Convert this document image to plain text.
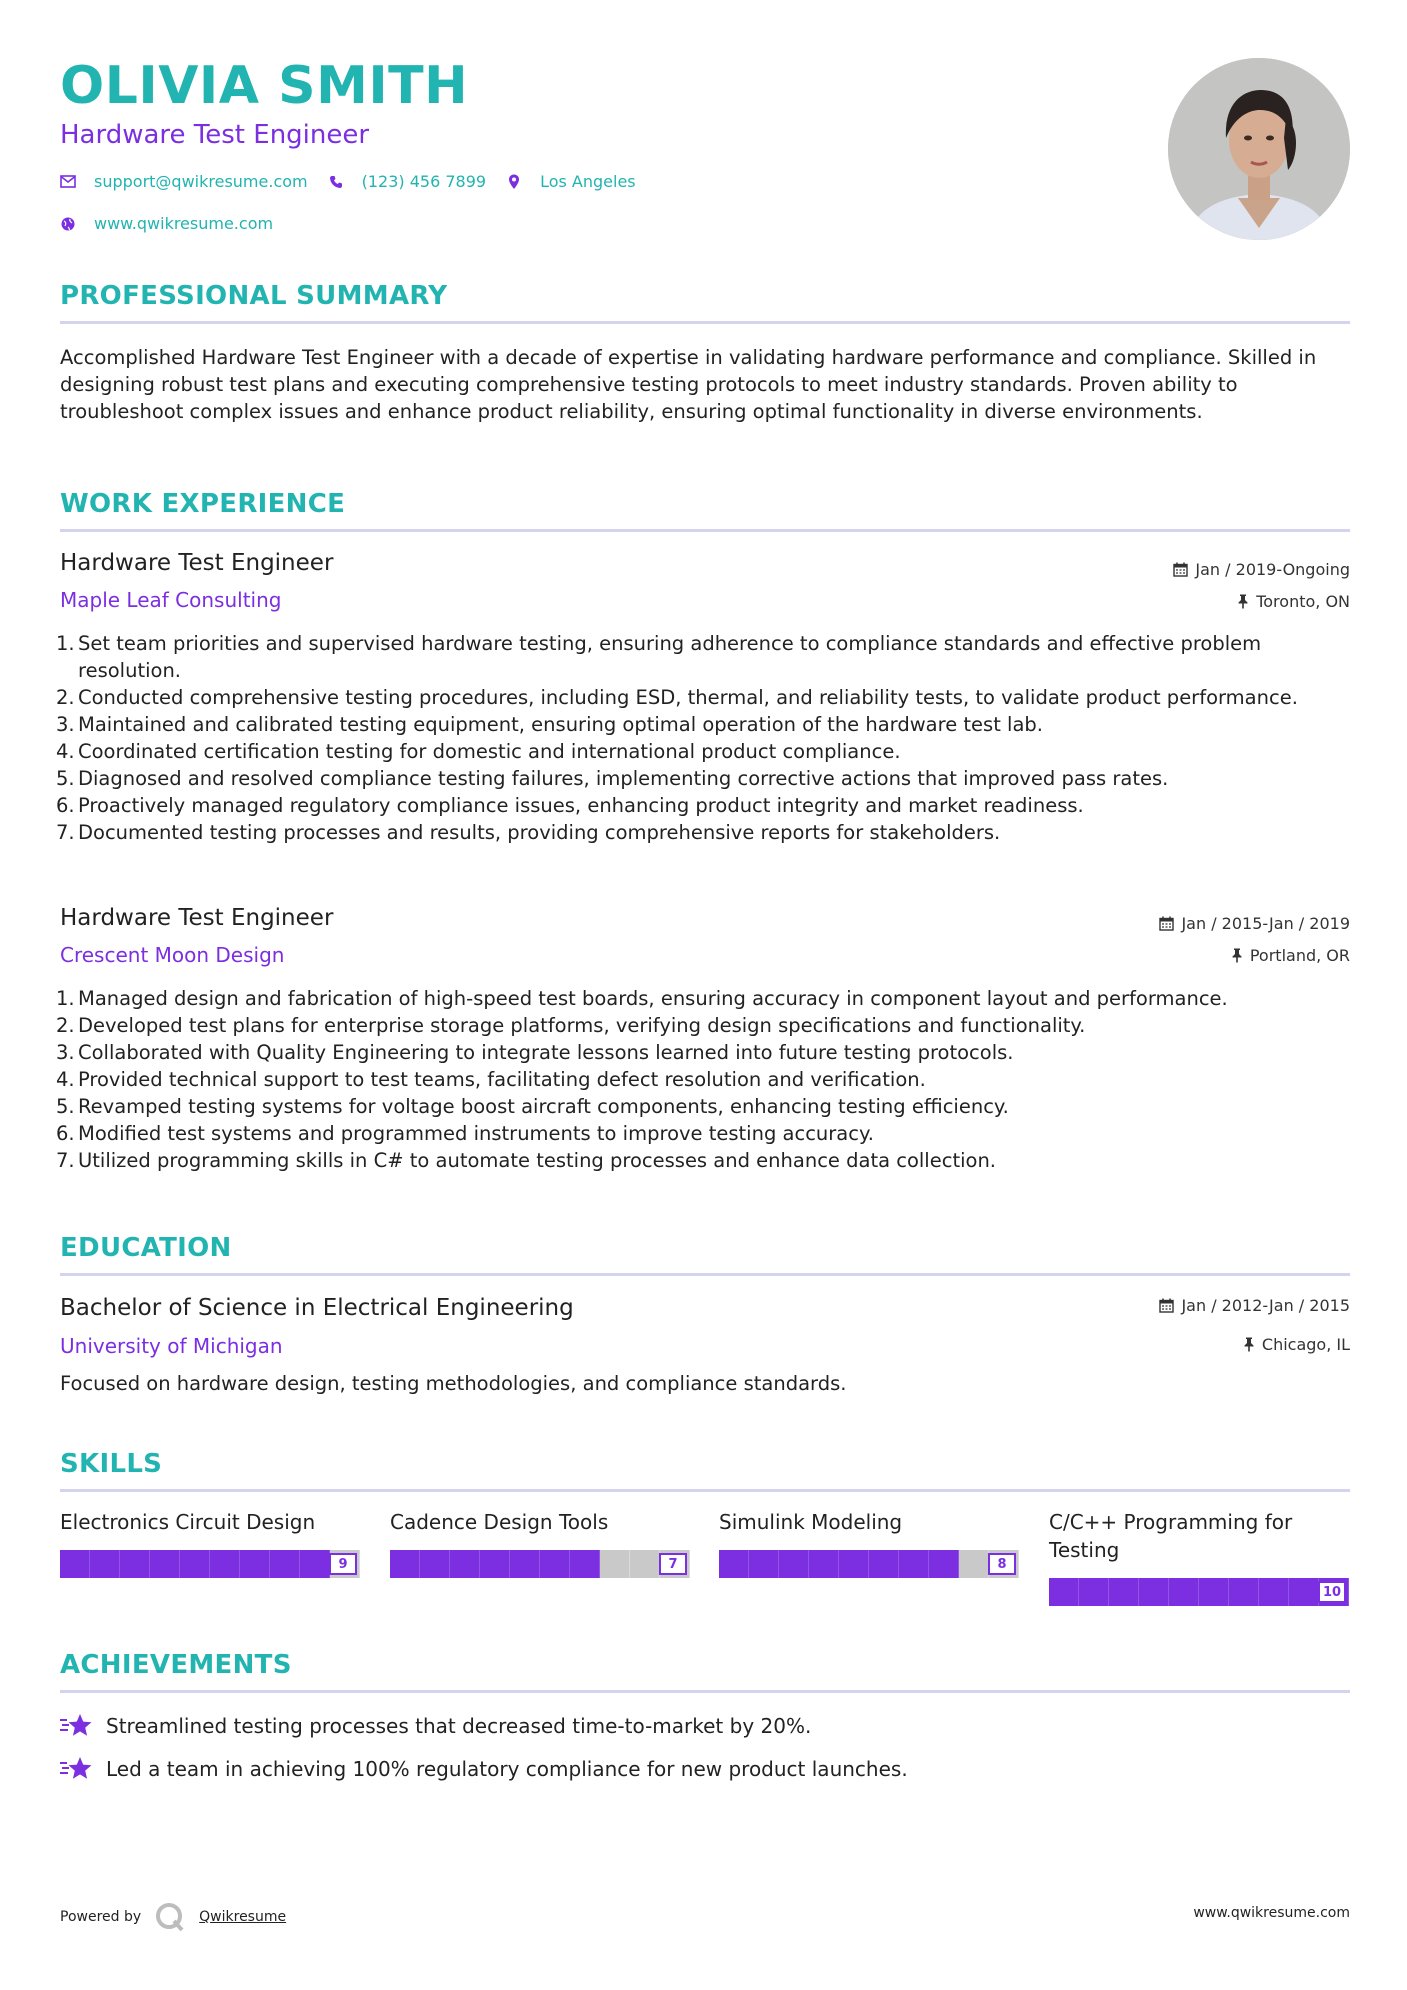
OLIVIA SMITH
Hardware Test Engineer
support@qwikresume.com	(123) 456 7899	Los Angeles
www.qwikresume.com
PROFESSIONAL SUMMARY
Accomplished Hardware Test Engineer with a decade of expertise in validating hardware performance and compliance. Skilled in designing robust test plans and executing comprehensive testing protocols to meet industry standards. Proven ability to troubleshoot complex issues and enhance product reliability, ensuring optimal functionality in diverse environments.
WORK EXPERIENCE
Hardware Test Engineer
Maple Leaf Consulting
Jan / 2019-Ongoing
Toronto, ON
1. Set team priorities and supervised hardware testing, ensuring adherence to compliance standards and effective problem resolution.
2. Conducted comprehensive testing procedures, including ESD, thermal, and reliability tests, to validate product performance.
3. Maintained and calibrated testing equipment, ensuring optimal operation of the hardware test lab.
4. Coordinated certification testing for domestic and international product compliance.
5. Diagnosed and resolved compliance testing failures, implementing corrective actions that improved pass rates.
6. Proactively managed regulatory compliance issues, enhancing product integrity and market readiness.
7. Documented testing processes and results, providing comprehensive reports for stakeholders.
Hardware Test Engineer
Crescent Moon Design
Jan / 2015-Jan / 2019
Portland, OR
1. Managed design and fabrication of high-speed test boards, ensuring accuracy in component layout and performance.
2. Developed test plans for enterprise storage platforms, verifying design specifications and functionality.
3. Collaborated with Quality Engineering to integrate lessons learned into future testing protocols.
4. Provided technical support to test teams, facilitating defect resolution and verification.
5. Revamped testing systems for voltage boost aircraft components, enhancing testing efficiency.
6. Modified test systems and programmed instruments to improve testing accuracy.
7. Utilized programming skills in C# to automate testing processes and enhance data collection.
EDUCATION
Bachelor of Science in Electrical Engineering
University of Michigan
Jan / 2012-Jan / 2015
Chicago, IL
Focused on hardware design, testing methodologies, and compliance standards.
SKILLS
Electronics Circuit Design
9
Cadence Design Tools
7
Simulink Modeling
8
C/C++ Programming for Testing
10
ACHIEVEMENTS
Streamlined testing processes that decreased time-to-market by 20%.
Led a team in achieving 100% regulatory compliance for new product launches.
Powered by	Qwikresume	www.qwikresume.com
